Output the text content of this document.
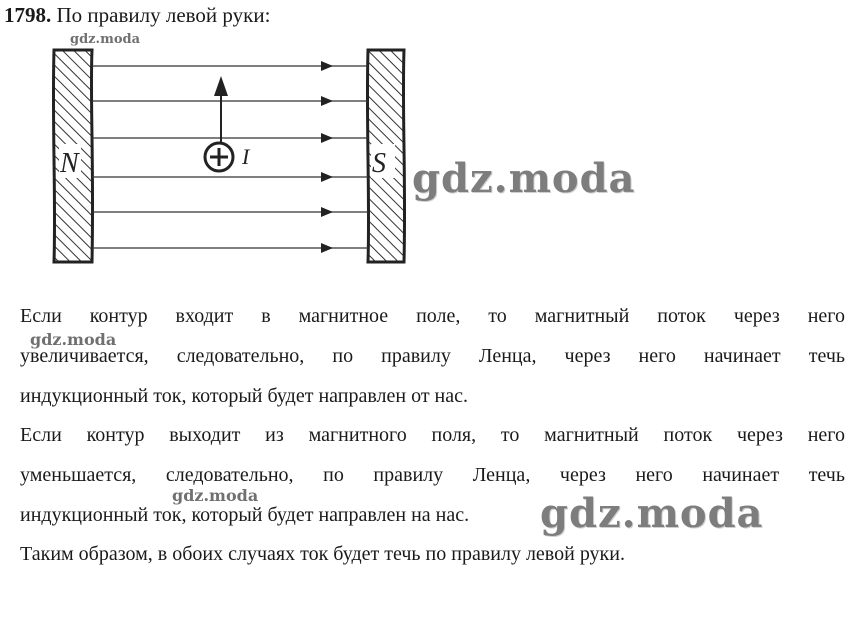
1798. По правилу левой руки:
N	S
I
Если контур входит в магнитное поле, то магнитный поток через него
увеличивается, следовательно, по правилу Ленца, через него начинает течь
индукционный ток, который будет направлен от нас.
Если контур выходит из магнитного поля, то магнитный поток через него
уменьшается, следовательно, по правилу Ленца, через него начинает течь
индукционный ток, который будет направлен на нас.
Таким образом, в обоих случаях ток будет течь по правилу левой руки.
gdz.moda
gdz.moda
gdz.moda
gdz.moda	gdz.moda
